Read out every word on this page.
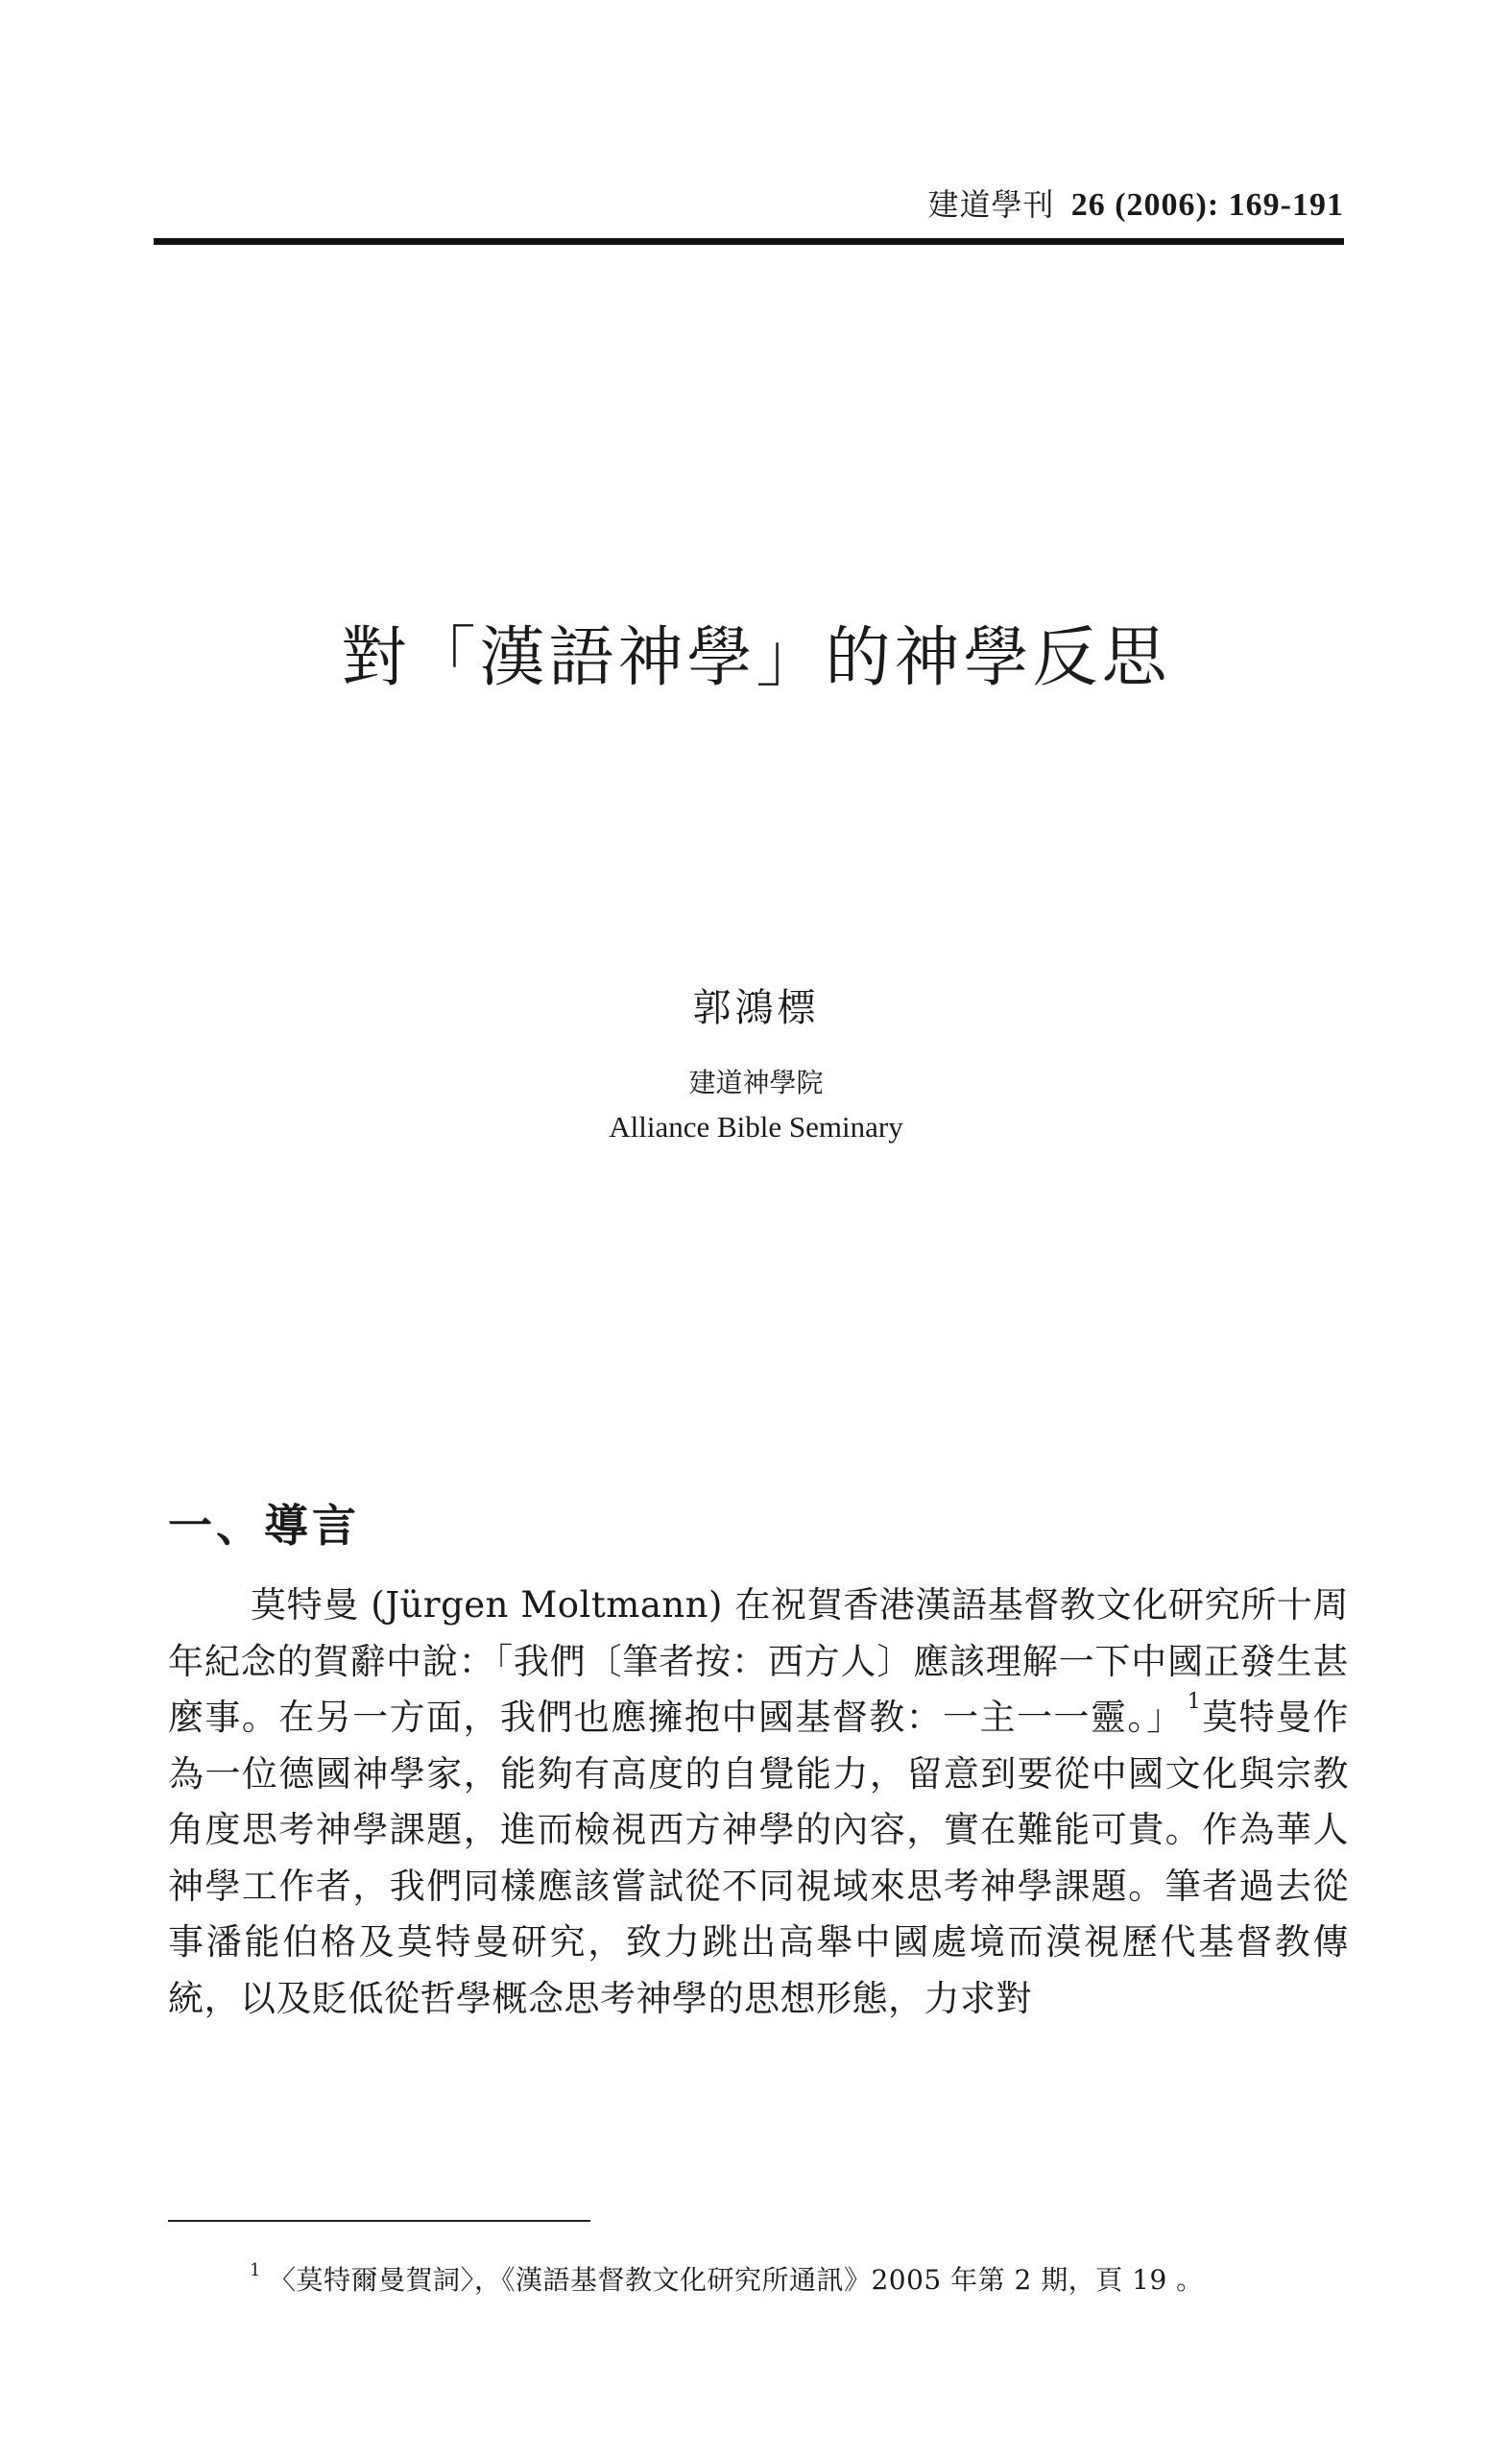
建道學刊 26 (2006): 169-191
對「漢語神學」的神學反思
郭鴻標
建道神學院
Alliance Bible Seminary
一、導言

莫特曼 (Jürgen Moltmann) 在祝賀香港漢語基督教文化研究所十周年紀念的賀辭中說：「我們〔筆者按：西方人〕應該理解一下中國正發生甚麼事。在另一方面，我們也應擁抱中國基督教：一主一一靈。」 $^1$莫特曼作為一位德國神學家，能夠有高度的自覺能力，留意到要從中國文化與宗教角度思考神學課題，進而檢視西方神學的內容，實在難能可貴。作為華人神學工作者，我們同樣應該嘗試從不同視域來思考神學課題。筆者過去從事潘能伯格及莫特曼研究，致力跳出高舉中國處境而漠視歷代基督教傳統，以及貶低從哲學概念思考神學的思想形態，力求對

$^1$ 〈莫特爾曼賀詞〉，《漢語基督教文化研究所通訊》2005 年第 2 期，頁 19 。
